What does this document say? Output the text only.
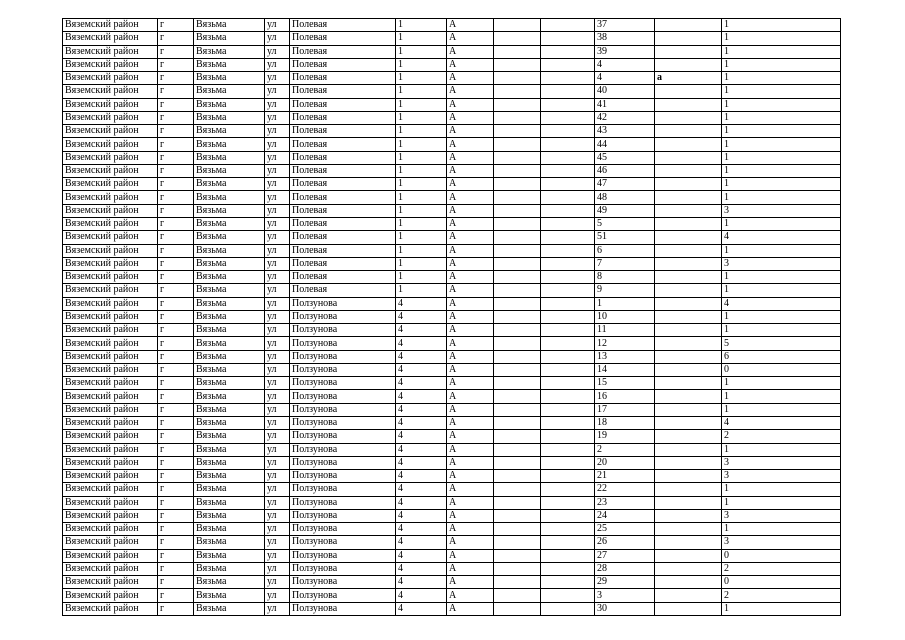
Вяземский район	г	Вязьма	ул	Полевая	1	А			37		1
Вяземский район	г	Вязьма	ул	Полевая	1	А			38		1
Вяземский район	г	Вязьма	ул	Полевая	1	А			39		1
Вяземский район	г	Вязьма	ул	Полевая	1	А			4		1
Вяземский район	г	Вязьма	ул	Полевая	1	А			4	а	1
Вяземский район	г	Вязьма	ул	Полевая	1	А			40		1
Вяземский район	г	Вязьма	ул	Полевая	1	А			41		1
Вяземский район	г	Вязьма	ул	Полевая	1	А			42		1
Вяземский район	г	Вязьма	ул	Полевая	1	А			43		1
Вяземский район	г	Вязьма	ул	Полевая	1	А			44		1
Вяземский район	г	Вязьма	ул	Полевая	1	А			45		1
Вяземский район	г	Вязьма	ул	Полевая	1	А			46		1
Вяземский район	г	Вязьма	ул	Полевая	1	А			47		1
Вяземский район	г	Вязьма	ул	Полевая	1	А			48		1
Вяземский район	г	Вязьма	ул	Полевая	1	А			49		3
Вяземский район	г	Вязьма	ул	Полевая	1	А			5		1
Вяземский район	г	Вязьма	ул	Полевая	1	А			51		4
Вяземский район	г	Вязьма	ул	Полевая	1	А			6		1
Вяземский район	г	Вязьма	ул	Полевая	1	А			7		3
Вяземский район	г	Вязьма	ул	Полевая	1	А			8		1
Вяземский район	г	Вязьма	ул	Полевая	1	А			9		1
Вяземский район	г	Вязьма	ул	Ползунова	4	А			1		4
Вяземский район	г	Вязьма	ул	Ползунова	4	А			10		1
Вяземский район	г	Вязьма	ул	Ползунова	4	А			11		1
Вяземский район	г	Вязьма	ул	Ползунова	4	А			12		5
Вяземский район	г	Вязьма	ул	Ползунова	4	А			13		6
Вяземский район	г	Вязьма	ул	Ползунова	4	А			14		0
Вяземский район	г	Вязьма	ул	Ползунова	4	А			15		1
Вяземский район	г	Вязьма	ул	Ползунова	4	А			16		1
Вяземский район	г	Вязьма	ул	Ползунова	4	А			17		1
Вяземский район	г	Вязьма	ул	Ползунова	4	А			18		4
Вяземский район	г	Вязьма	ул	Ползунова	4	А			19		2
Вяземский район	г	Вязьма	ул	Ползунова	4	А			2		1
Вяземский район	г	Вязьма	ул	Ползунова	4	А			20		3
Вяземский район	г	Вязьма	ул	Ползунова	4	А			21		3
Вяземский район	г	Вязьма	ул	Ползунова	4	А			22		1
Вяземский район	г	Вязьма	ул	Ползунова	4	А			23		1
Вяземский район	г	Вязьма	ул	Ползунова	4	А			24		3
Вяземский район	г	Вязьма	ул	Ползунова	4	А			25		1
Вяземский район	г	Вязьма	ул	Ползунова	4	А			26		3
Вяземский район	г	Вязьма	ул	Ползунова	4	А			27		0
Вяземский район	г	Вязьма	ул	Ползунова	4	А			28		2
Вяземский район	г	Вязьма	ул	Ползунова	4	А			29		0
Вяземский район	г	Вязьма	ул	Ползунова	4	А			3		2
Вяземский район	г	Вязьма	ул	Ползунова	4	А			30		1
